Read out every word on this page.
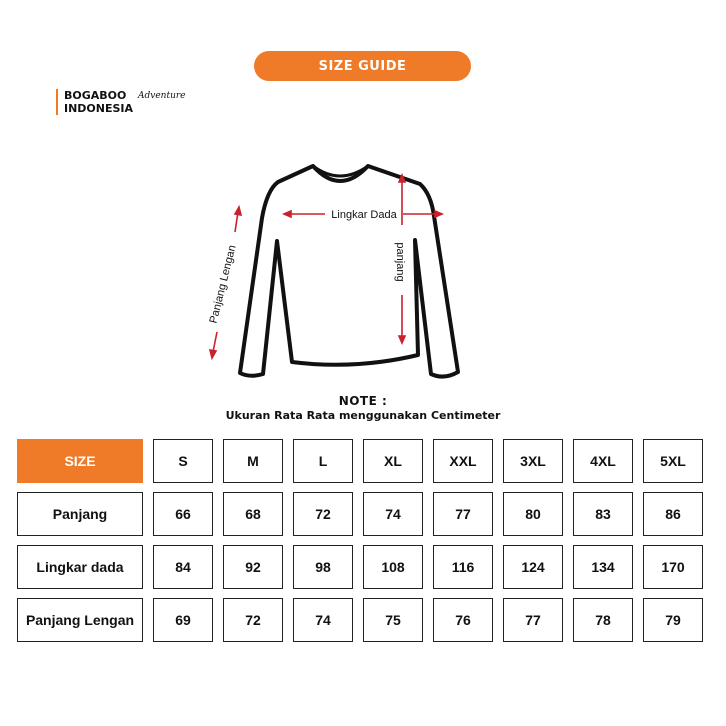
SIZE GUIDE
BOGABOO
INDONESIA
Adventure
Lingkar Dada
panjang
Panjang Lengan
NOTE :
Ukuran Rata Rata menggunakan Centimeter
SIZE	S	M	L	XL	XXL	3XL	4XL	5XL
Panjang	66	68	72	74	77	80	83	86
Lingkar dada	84	92	98	108	116	124	134	170
Panjang Lengan	69	72	74	75	76	77	78	79
